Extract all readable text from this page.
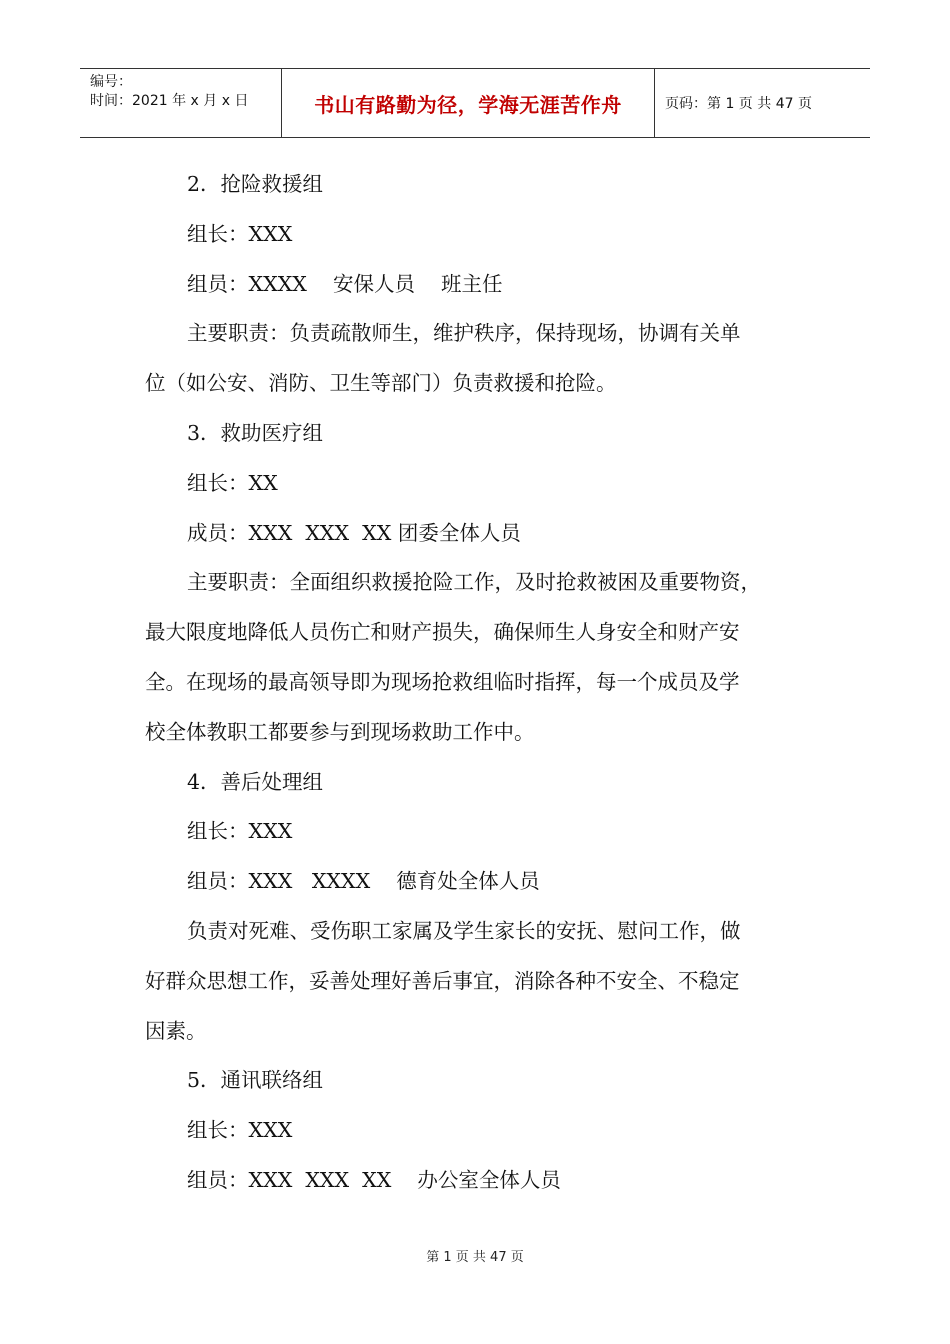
编号：
时间：2021 年 x 月 x 日	书山有路勤为径，学海无涯苦作舟	页码：第 1 页 共 47 页

2．抢险救援组

组长：XXX

组员：XXXX    安保人员    班主任

主要职责：负责疏散师生，维护秩序，保持现场，协调有关单

位（如公安、消防、卫生等部门）负责救援和抢险。

3．救助医疗组

组长：XX

成员：XXX  XXX  XX 团委全体人员

主要职责：全面组织救援抢险工作，及时抢救被困及重要物资，

最大限度地降低人员伤亡和财产损失，确保师生人身安全和财产安

全。在现场的最高领导即为现场抢救组临时指挥，每一个成员及学

校全体教职工都要参与到现场救助工作中。

4．善后处理组

组长：XXX

组员：XXX   XXXX    德育处全体人员

负责对死难、受伤职工家属及学生家长的安抚、慰问工作，做

好群众思想工作，妥善处理好善后事宜，消除各种不安全、不稳定

因素。

5．通讯联络组

组长：XXX

组员：XXX  XXX  XX    办公室全体人员

第 1 页 共 47 页
